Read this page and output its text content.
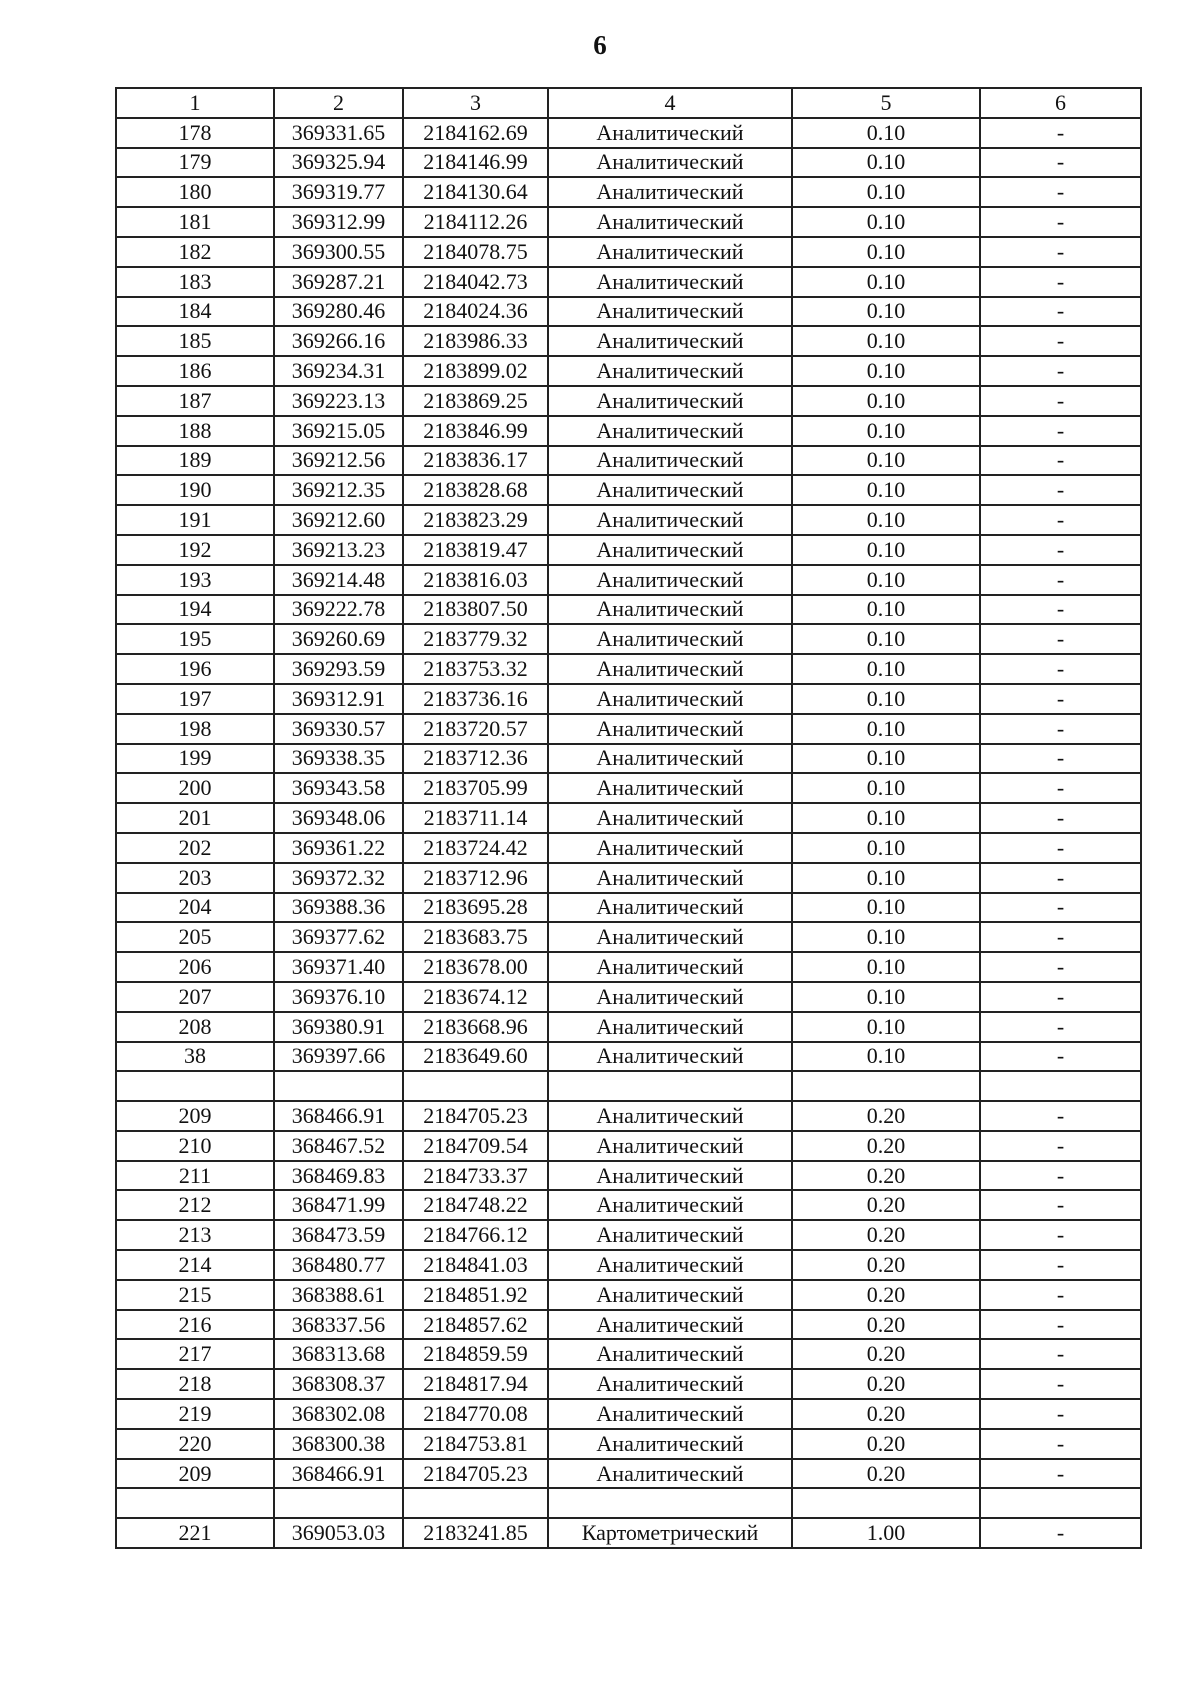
6
1	2	3	4	5	6
178	369331.65	2184162.69	Аналитический	0.10	-
179	369325.94	2184146.99	Аналитический	0.10	-
180	369319.77	2184130.64	Аналитический	0.10	-
181	369312.99	2184112.26	Аналитический	0.10	-
182	369300.55	2184078.75	Аналитический	0.10	-
183	369287.21	2184042.73	Аналитический	0.10	-
184	369280.46	2184024.36	Аналитический	0.10	-
185	369266.16	2183986.33	Аналитический	0.10	-
186	369234.31	2183899.02	Аналитический	0.10	-
187	369223.13	2183869.25	Аналитический	0.10	-
188	369215.05	2183846.99	Аналитический	0.10	-
189	369212.56	2183836.17	Аналитический	0.10	-
190	369212.35	2183828.68	Аналитический	0.10	-
191	369212.60	2183823.29	Аналитический	0.10	-
192	369213.23	2183819.47	Аналитический	0.10	-
193	369214.48	2183816.03	Аналитический	0.10	-
194	369222.78	2183807.50	Аналитический	0.10	-
195	369260.69	2183779.32	Аналитический	0.10	-
196	369293.59	2183753.32	Аналитический	0.10	-
197	369312.91	2183736.16	Аналитический	0.10	-
198	369330.57	2183720.57	Аналитический	0.10	-
199	369338.35	2183712.36	Аналитический	0.10	-
200	369343.58	2183705.99	Аналитический	0.10	-
201	369348.06	2183711.14	Аналитический	0.10	-
202	369361.22	2183724.42	Аналитический	0.10	-
203	369372.32	2183712.96	Аналитический	0.10	-
204	369388.36	2183695.28	Аналитический	0.10	-
205	369377.62	2183683.75	Аналитический	0.10	-
206	369371.40	2183678.00	Аналитический	0.10	-
207	369376.10	2183674.12	Аналитический	0.10	-
208	369380.91	2183668.96	Аналитический	0.10	-
38	369397.66	2183649.60	Аналитический	0.10	-

209	368466.91	2184705.23	Аналитический	0.20	-
210	368467.52	2184709.54	Аналитический	0.20	-
211	368469.83	2184733.37	Аналитический	0.20	-
212	368471.99	2184748.22	Аналитический	0.20	-
213	368473.59	2184766.12	Аналитический	0.20	-
214	368480.77	2184841.03	Аналитический	0.20	-
215	368388.61	2184851.92	Аналитический	0.20	-
216	368337.56	2184857.62	Аналитический	0.20	-
217	368313.68	2184859.59	Аналитический	0.20	-
218	368308.37	2184817.94	Аналитический	0.20	-
219	368302.08	2184770.08	Аналитический	0.20	-
220	368300.38	2184753.81	Аналитический	0.20	-
209	368466.91	2184705.23	Аналитический	0.20	-

221	369053.03	2183241.85	Картометрический	1.00	-
